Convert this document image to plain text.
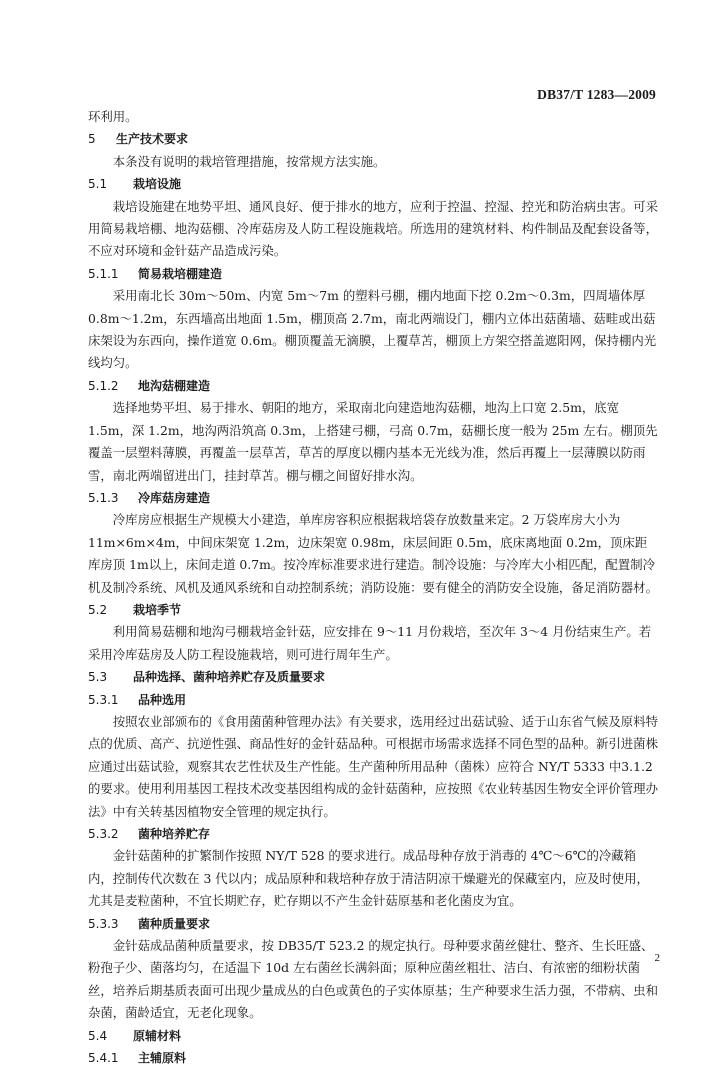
DB37/T 1283—2009

环利用。

5 生产技术要求

本条没有说明的栽培管理措施，按常规方法实施。

5.1 栽培设施

栽培设施建在地势平坦、通风良好、便于排水的地方，应利于控温、控湿、控光和防治病虫害。可采用简易栽培棚、地沟菇棚、冷库菇房及人防工程设施栽培。所选用的建筑材料、构件制品及配套设备等，不应对环境和金针菇产品造成污染。

5.1.1 简易栽培棚建造

采用南北长 30m～50m、内宽 5m～7m 的塑料弓棚，棚内地面下挖 0.2m～0.3m，四周墙体厚 0.8m～1.2m，东西墙高出地面 1.5m，棚顶高 2.7m，南北两端设门，棚内立体出菇菌墙、菇畦或出菇床架设为东西向，操作道宽 0.6m。棚顶覆盖无滴膜，上覆草苫，棚顶上方架空搭盖遮阳网，保持棚内光线均匀。

5.1.2 地沟菇棚建造

选择地势平坦、易于排水、朝阳的地方，采取南北向建造地沟菇棚，地沟上口宽 2.5m，底宽 1.5m，深 1.2m，地沟两沿筑高 0.3m，上搭建弓棚，弓高 0.7m，菇棚长度一般为 25m 左右。棚顶先覆盖一层塑料薄膜，再覆盖一层草苫，草苫的厚度以棚内基本无光线为准，然后再覆上一层薄膜以防雨雪，南北两端留进出门，挂封草苫。棚与棚之间留好排水沟。

5.1.3 冷库菇房建造

冷库房应根据生产规模大小建造，单库房容积应根据栽培袋存放数量来定。2 万袋库房大小为 11m×6m×4m，中间床架宽 1.2m，边床架宽 0.98m，床层间距 0.5m，底床离地面 0.2m，顶床距库房顶 1m以上，床间走道 0.7m。按冷库标准要求进行建造。制冷设施：与冷库大小相匹配，配置制冷机及制冷系统、风机及通风系统和自动控制系统；消防设施：要有健全的消防安全设施，备足消防器材。

5.2 栽培季节

利用简易菇棚和地沟弓棚栽培金针菇，应安排在 9～11 月份栽培，至次年 3～4 月份结束生产。若采用冷库菇房及人防工程设施栽培，则可进行周年生产。

5.3 品种选择、菌种培养贮存及质量要求

5.3.1 品种选用

按照农业部颁布的《食用菌菌种管理办法》有关要求，选用经过出菇试验、适于山东省气候及原料特点的优质、高产、抗逆性强、商品性好的金针菇品种。可根据市场需求选择不同色型的品种。新引进菌株应通过出菇试验，观察其农艺性状及生产性能。生产菌种所用品种（菌株）应符合 NY/T 5333 中3.1.2 的要求。使用利用基因工程技术改变基因组构成的金针菇菌种，应按照《农业转基因生物安全评价管理办法》中有关转基因植物安全管理的规定执行。

5.3.2 菌种培养贮存

金针菇菌种的扩繁制作按照 NY/T 528 的要求进行。成品母种存放于消毒的 4℃～6℃的冷藏箱内，控制传代次数在 3 代以内；成品原种和栽培种存放于清洁阴凉干燥避光的保藏室内，应及时使用，尤其是麦粒菌种，不宜长期贮存，贮存期以不产生金针菇原基和老化菌皮为宜。

5.3.3 菌种质量要求

金针菇成品菌种质量要求，按 DB35/T 523.2 的规定执行。母种要求菌丝健壮、整齐、生长旺盛、粉孢子少、菌落均匀，在适温下 10d 左右菌丝长满斜面；原种应菌丝粗壮、洁白、有浓密的细粉状菌丝，培养后期基质表面可出现少量成丛的白色或黄色的子实体原基；生产种要求生活力强，不带病、虫和杂菌，菌龄适宜，无老化现象。

5.4 原辅材料

5.4.1 主辅原料

2
